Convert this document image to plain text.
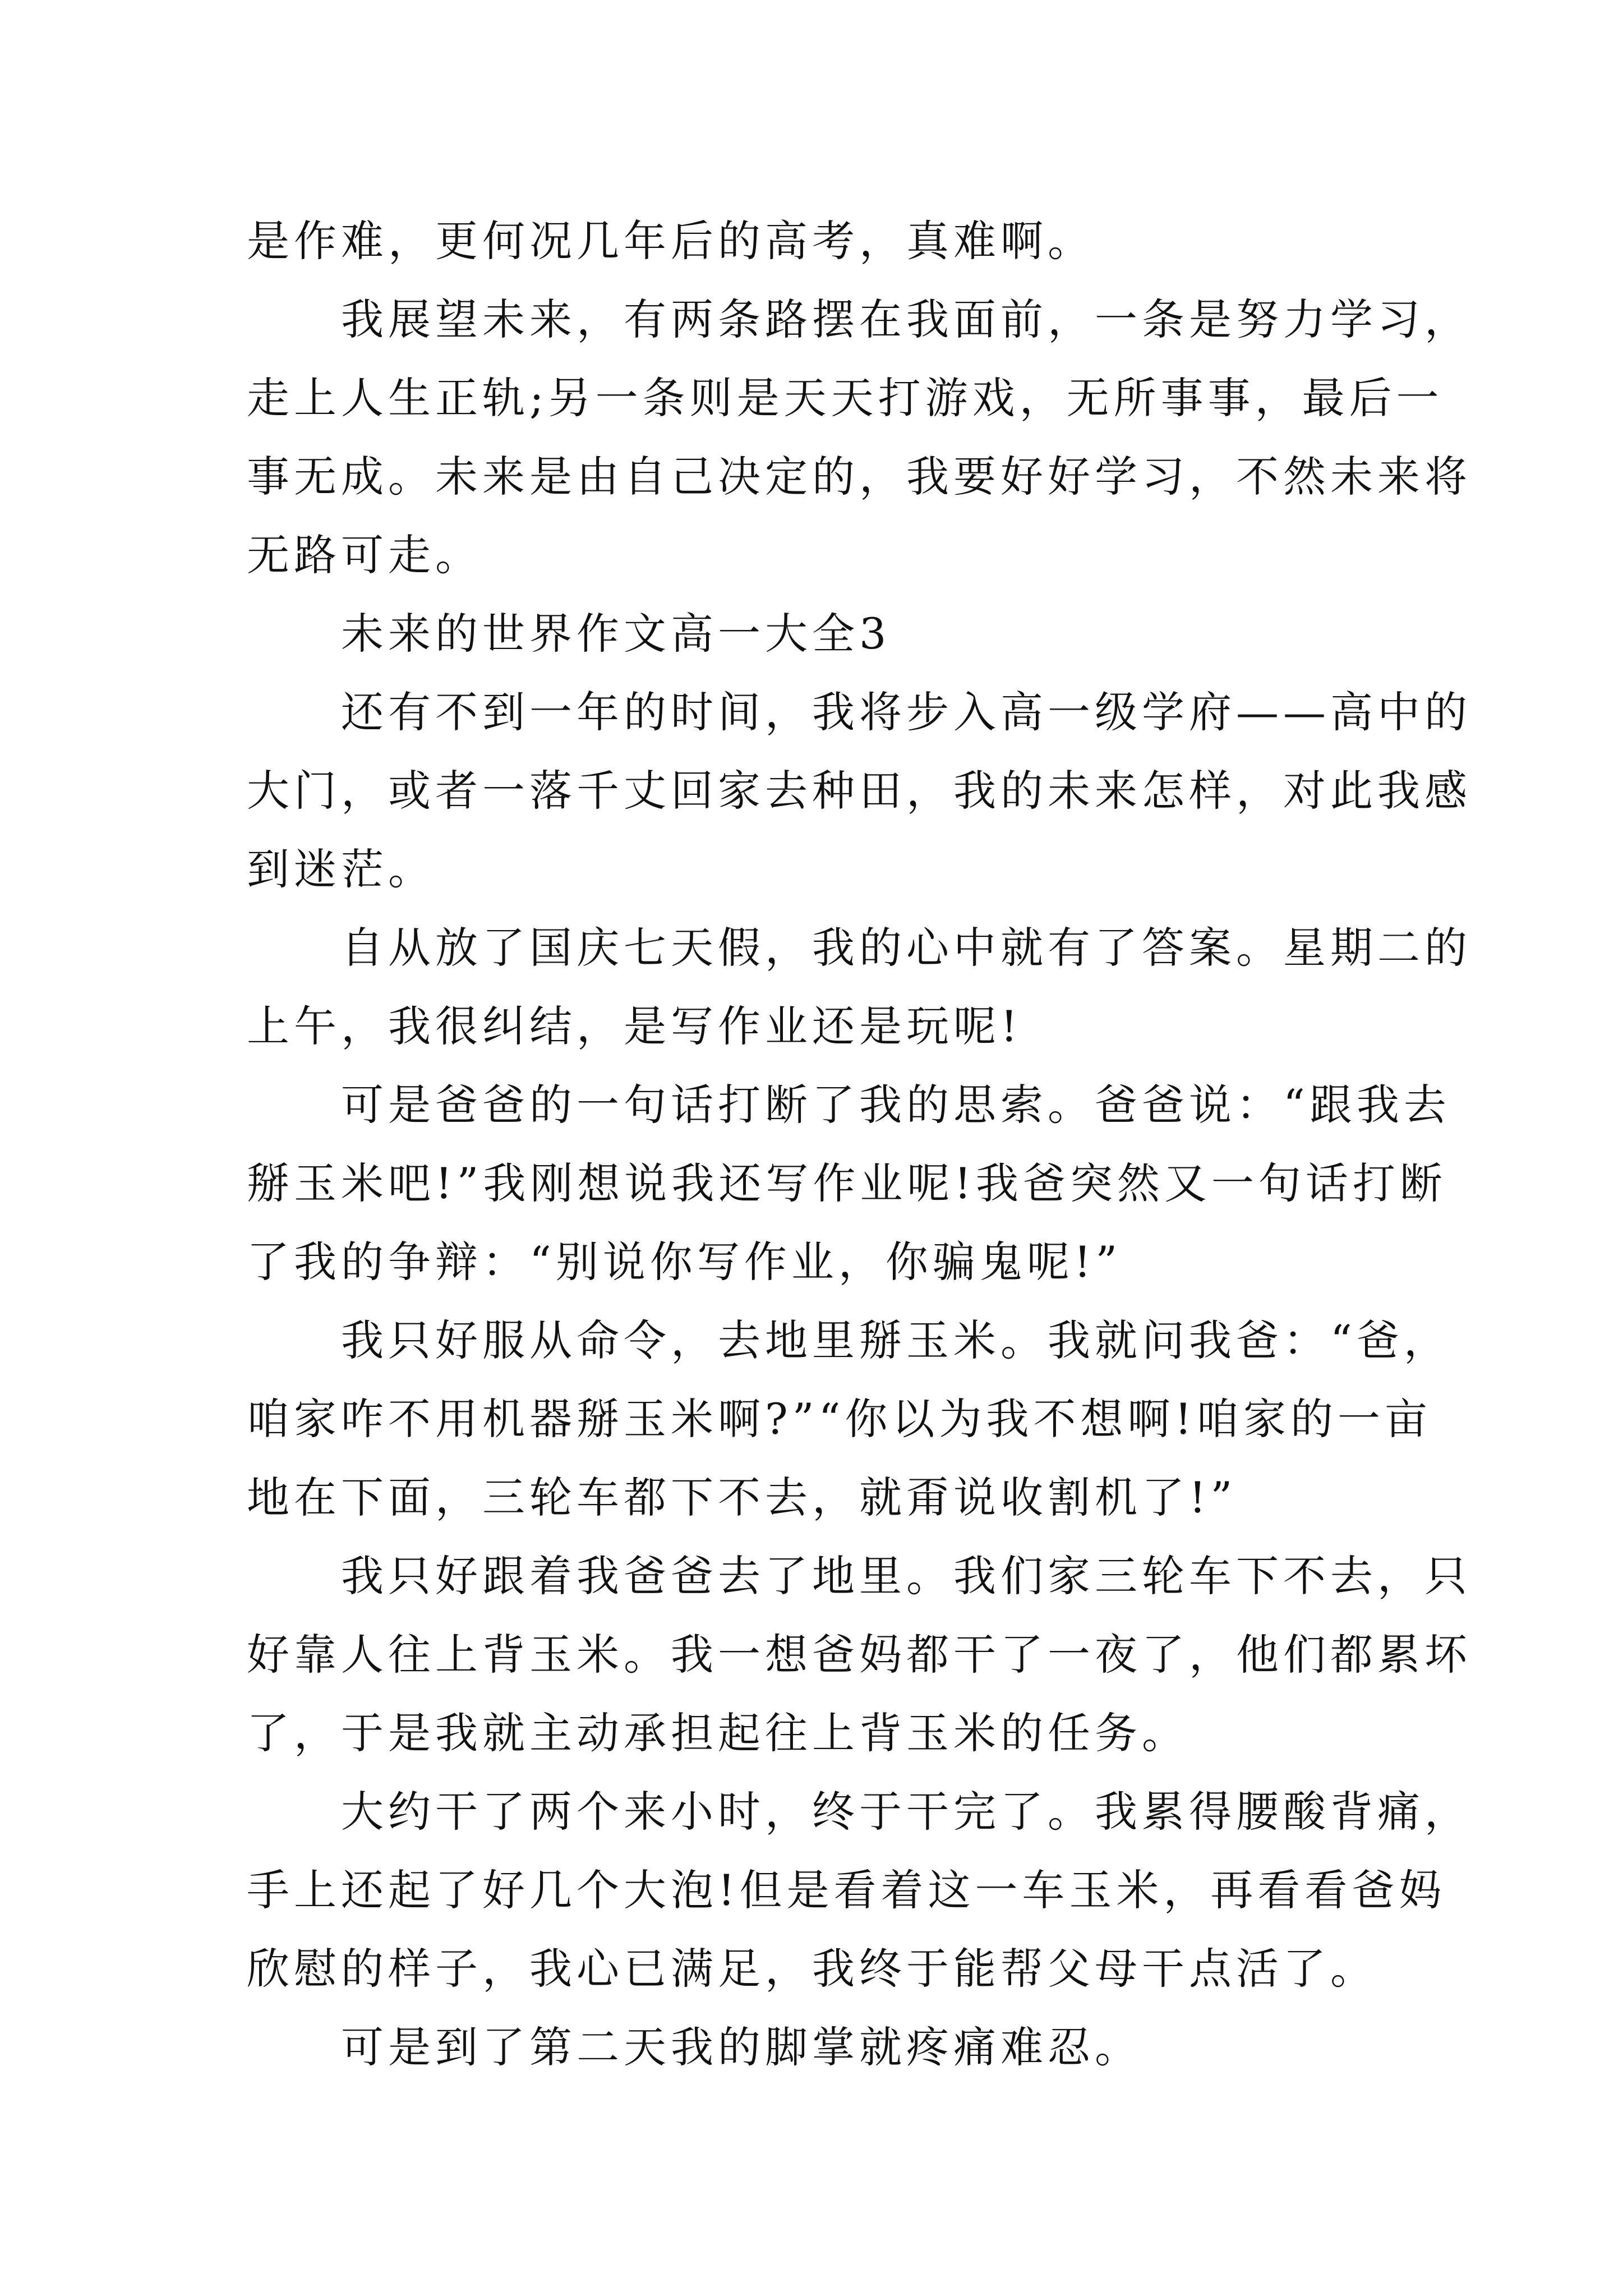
是作难，更何况几年后的高考，真难啊。
我展望未来，有两条路摆在我面前，一条是努力学习，
走上人生正轨;另一条则是天天打游戏，无所事事，最后一
事无成。未来是由自己决定的，我要好好学习，不然未来将
无路可走。
未来的世界作文高一大全3
还有不到一年的时间，我将步入高一级学府——高中的
大门，或者一落千丈回家去种田，我的未来怎样，对此我感
到迷茫。
自从放了国庆七天假，我的心中就有了答案。星期二的
上午，我很纠结，是写作业还是玩呢!
可是爸爸的一句话打断了我的思索。爸爸说：“跟我去
掰玉米吧!”我刚想说我还写作业呢!我爸突然又一句话打断
了我的争辩：“别说你写作业，你骗鬼呢!”
我只好服从命令，去地里掰玉米。我就问我爸：“爸，
咱家咋不用机器掰玉米啊?”“你以为我不想啊!咱家的一亩
地在下面，三轮车都下不去，就甭说收割机了!”
我只好跟着我爸爸去了地里。我们家三轮车下不去，只
好靠人往上背玉米。我一想爸妈都干了一夜了，他们都累坏
了，于是我就主动承担起往上背玉米的任务。
大约干了两个来小时，终于干完了。我累得腰酸背痛，
手上还起了好几个大泡!但是看着这一车玉米，再看看爸妈
欣慰的样子，我心已满足，我终于能帮父母干点活了。
可是到了第二天我的脚掌就疼痛难忍。
